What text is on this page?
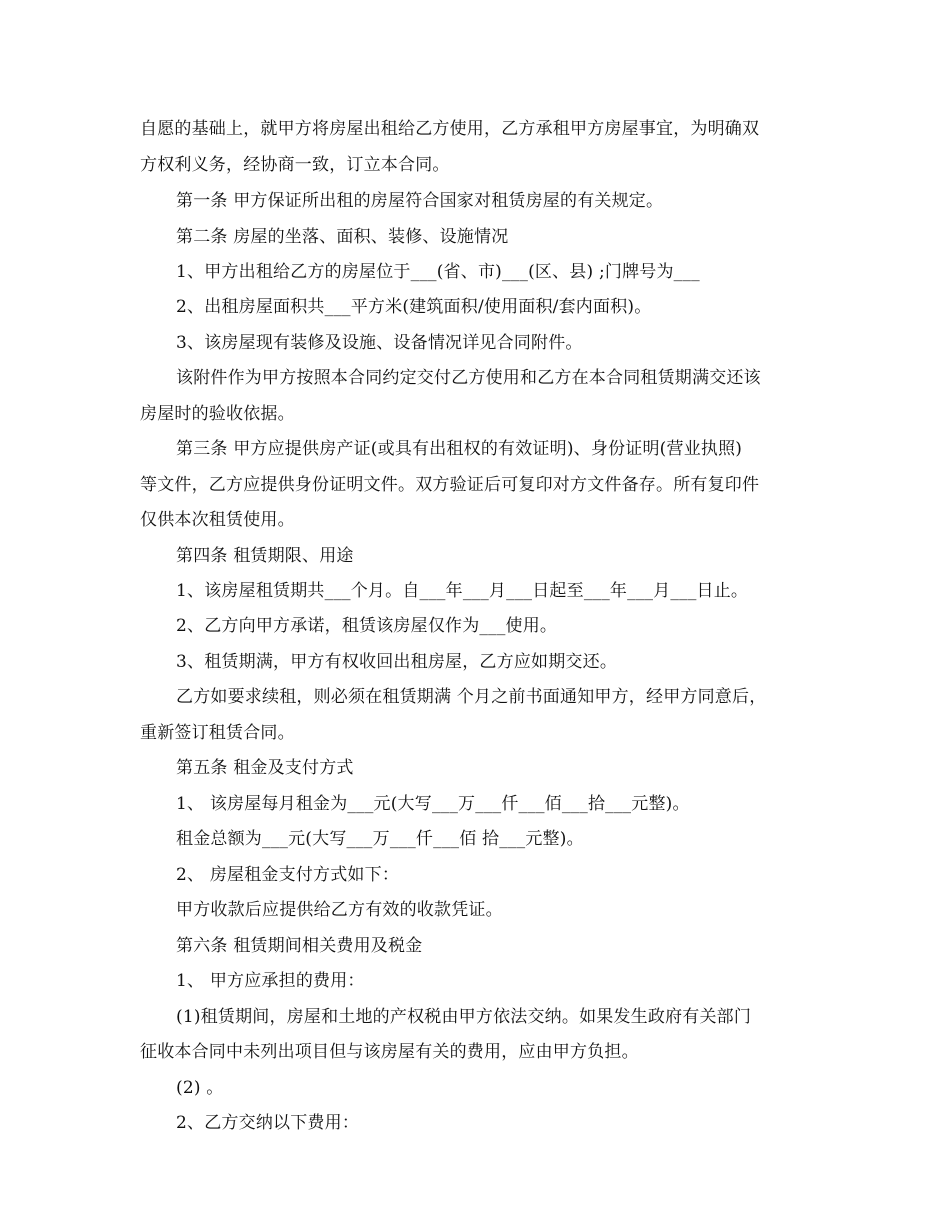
自愿的基础上，就甲方将房屋出租给乙方使用，乙方承租甲方房屋事宜，为明确双
方权利义务，经协商一致，订立本合同。
第一条 甲方保证所出租的房屋符合国家对租赁房屋的有关规定。
第二条 房屋的坐落、面积、装修、设施情况
1、甲方出租给乙方的房屋位于___(省、市)___(区、县) ;门牌号为___
2、出租房屋面积共___平方米(建筑面积/使用面积/套内面积)。
3、该房屋现有装修及设施、设备情况详见合同附件。
该附件作为甲方按照本合同约定交付乙方使用和乙方在本合同租赁期满交还该
房屋时的验收依据。
第三条 甲方应提供房产证(或具有出租权的有效证明)、身份证明(营业执照)
等文件，乙方应提供身份证明文件。双方验证后可复印对方文件备存。所有复印件
仅供本次租赁使用。
第四条 租赁期限、用途
1、该房屋租赁期共___个月。自___年___月___日起至___年___月___日止。
2、乙方向甲方承诺，租赁该房屋仅作为___使用。
3、租赁期满，甲方有权收回出租房屋，乙方应如期交还。
乙方如要求续租，则必须在租赁期满 个月之前书面通知甲方，经甲方同意后，
重新签订租赁合同。
第五条 租金及支付方式
1、 该房屋每月租金为___元(大写___万___仟___佰___拾___元整)。
租金总额为___元(大写___万___仟___佰 拾___元整)。
2、 房屋租金支付方式如下：
甲方收款后应提供给乙方有效的收款凭证。
第六条 租赁期间相关费用及税金
1、 甲方应承担的费用：
(1)租赁期间，房屋和土地的产权税由甲方依法交纳。如果发生政府有关部门
征收本合同中未列出项目但与该房屋有关的费用，应由甲方负担。
(2) 。
2、乙方交纳以下费用：
